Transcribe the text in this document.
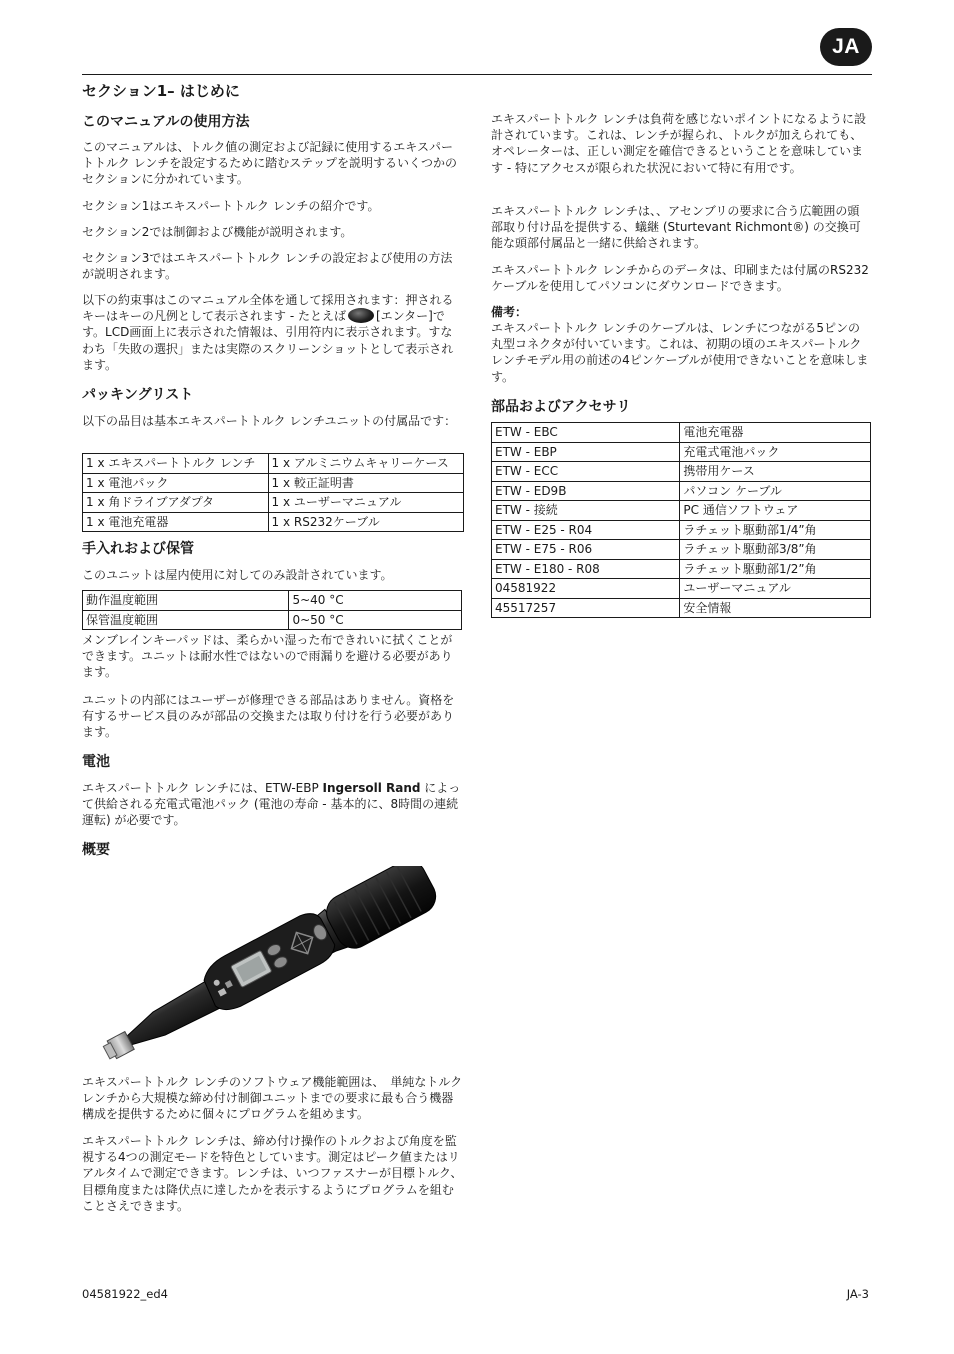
JA
セクション1– はじめに
このマニュアルの使用方法

このマニュアルは、トルク値の測定および記録に使用するエキスパートトルク レンチを設定するために踏むステップを説明するいくつかのセクションに分かれています。

セクション1はエキスパートトルク レンチの紹介です。

セクション2では制御および機能が説明されます。

セクション3ではエキスパートトルク レンチの設定および使用の方法が説明されます。

以下の約束事はこのマニュアル全体を通して採用されます：押されるキーはキーの凡例として表示されます - たとえば	[エンター]です。LCD画面上に表示された情報は、引用符内に表示されます。すなわち「失敗の選択」または実際のスクリーンショットとして表示されます。

パッキングリスト

以下の品目は基本エキスパートトルク レンチユニットの付属品です：

1 x エキスパートトルク レンチ	1 x アルミニウムキャリーケース
1 x 電池パック	1 x 較正証明書
1 x 角ドライブアダプタ	1 x ユーザーマニュアル
1 x 電池充電器	1 x RS232ケーブル
手入れおよび保管

このユニットは屋内使用に対してのみ設計されています。

動作温度範囲	5~40 °C
保管温度範囲	0~50 °C

メンブレインキーパッドは、柔らかい湿った布できれいに拭くことができます。ユニットは耐水性ではないので雨漏りを避ける必要があります。

ユニットの内部にはユーザーが修理できる部品はありません。資格を有するサービス員のみが部品の交換または取り付けを行う必要があります。

電池

エキスパートトルク レンチには、ETW-EBP Ingersoll Rand によって供給される充電式電池パック (電池の寿命 - 基本的に、8時間の連続運転) が必要です。

概要

エキスパートトルク レンチのソフトウェア機能範囲は、　単純なトルクレンチから大規模な締め付け制御ユニットまでの要求に最も合う機器構成を提供するために個々にプログラムを組めます。

エキスパートトルク レンチは、締め付け操作のトルクおよび角度を監視する4つの測定モードを特色としています。測定はピーク値またはリアルタイムで測定できます。レンチは、いつファスナーが目標トルク、目標角度または降伏点に達したかを表示するようにプログラムを組むことさえできます。

エキスパートトルク レンチは負荷を感じないポイントになるように設計されています。これは、レンチが握られ、トルクが加えられても、オペレーターは、正しい測定を確信できるということを意味しています - 特にアクセスが限られた状況において特に有用です。

エキスパートトルク レンチは、、アセンブリの要求に合う広範囲の頭部取り付け品を提供する、蟻継 (Sturtevant Richmont®) の交換可能な頭部付属品と一緒に供給されます。

エキスパートトルク レンチからのデータは、印刷または付属のRS232ケーブルを使用してパソコンにダウンロードできます。

備考：

エキスパートトルク レンチのケーブルは、レンチにつながる5ピンの丸型コネクタが付いています。これは、初期の頃のエキスパートルク レンチモデル用の前述の4ピンケーブルが使用できないことを意味します。

部品およびアクセサリ
ETW - EBC	電池充電器
ETW - EBP	充電式電池パック
ETW - ECC	携帯用ケース
ETW - ED9B	パソコン ケーブル
ETW - 接続	PC 通信ソフトウェア
ETW - E25 - R04	ラチェット駆動部1/4”角
ETW - E75 - R06	ラチェット駆動部3/8”角
ETW - E180 - R08	ラチェット駆動部1/2”角
04581922	ユーザーマニュアル
45517257	安全情報
04581922_ed4	JA-3
